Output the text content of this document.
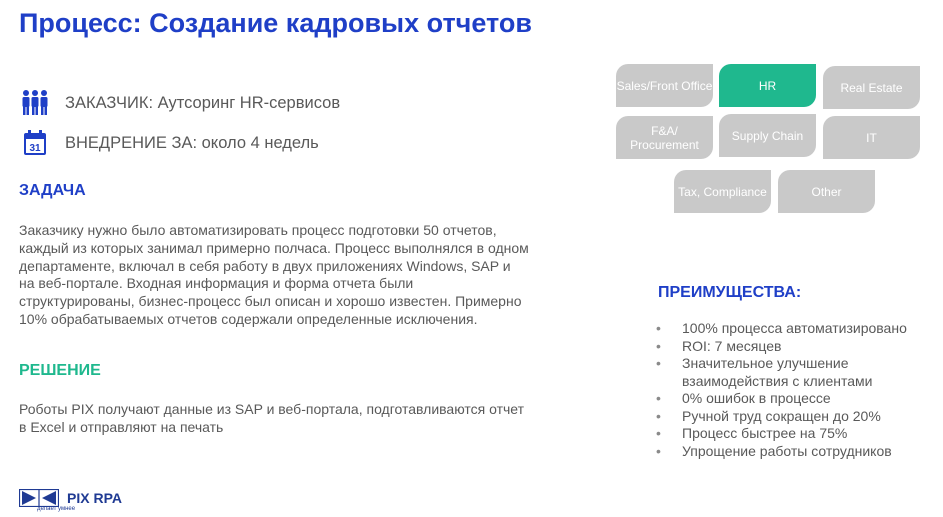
Процесс: Создание кадровых отчетов
ЗАКАЗЧИК: Аутсоринг HR-сервисов
31 ВНЕДРЕНИЕ ЗА: около 4 недель
ЗАДАЧА
Заказчику нужно было автоматизировать процесс подготовки 50 отчетов, каждый из которых занимал примерно полчаса. Процесс выполнялся в одном департаменте, включал в себя работу в двух приложениях Windows, SAP и на веб-портале. Входная информация и форма отчета были структурированы, бизнес-процесс был описан и хорошо известен. Примерно 10% обрабатываемых отчетов содержали определенные исключения.
РЕШЕНИЕ
Роботы PIX получают данные из SAP и веб-портала, подготавливаются отчет в Excel и отправляют на печать
PIX RPA
делает умнее
Sales/Front Office	HR	Real Estate
F&A/ Procurement
Supply Chain	IT
Tax, Compliance	Other
ПРЕИМУЩЕСТВА:
• 100% процесса автоматизировано
• ROI: 7 месяцев
• Значительное улучшение взаимодействия с клиентами
• 0% ошибок в процессе
• Ручной труд сокращен до 20%
• Процесс быстрее на 75%
• Упрощение работы сотрудников
